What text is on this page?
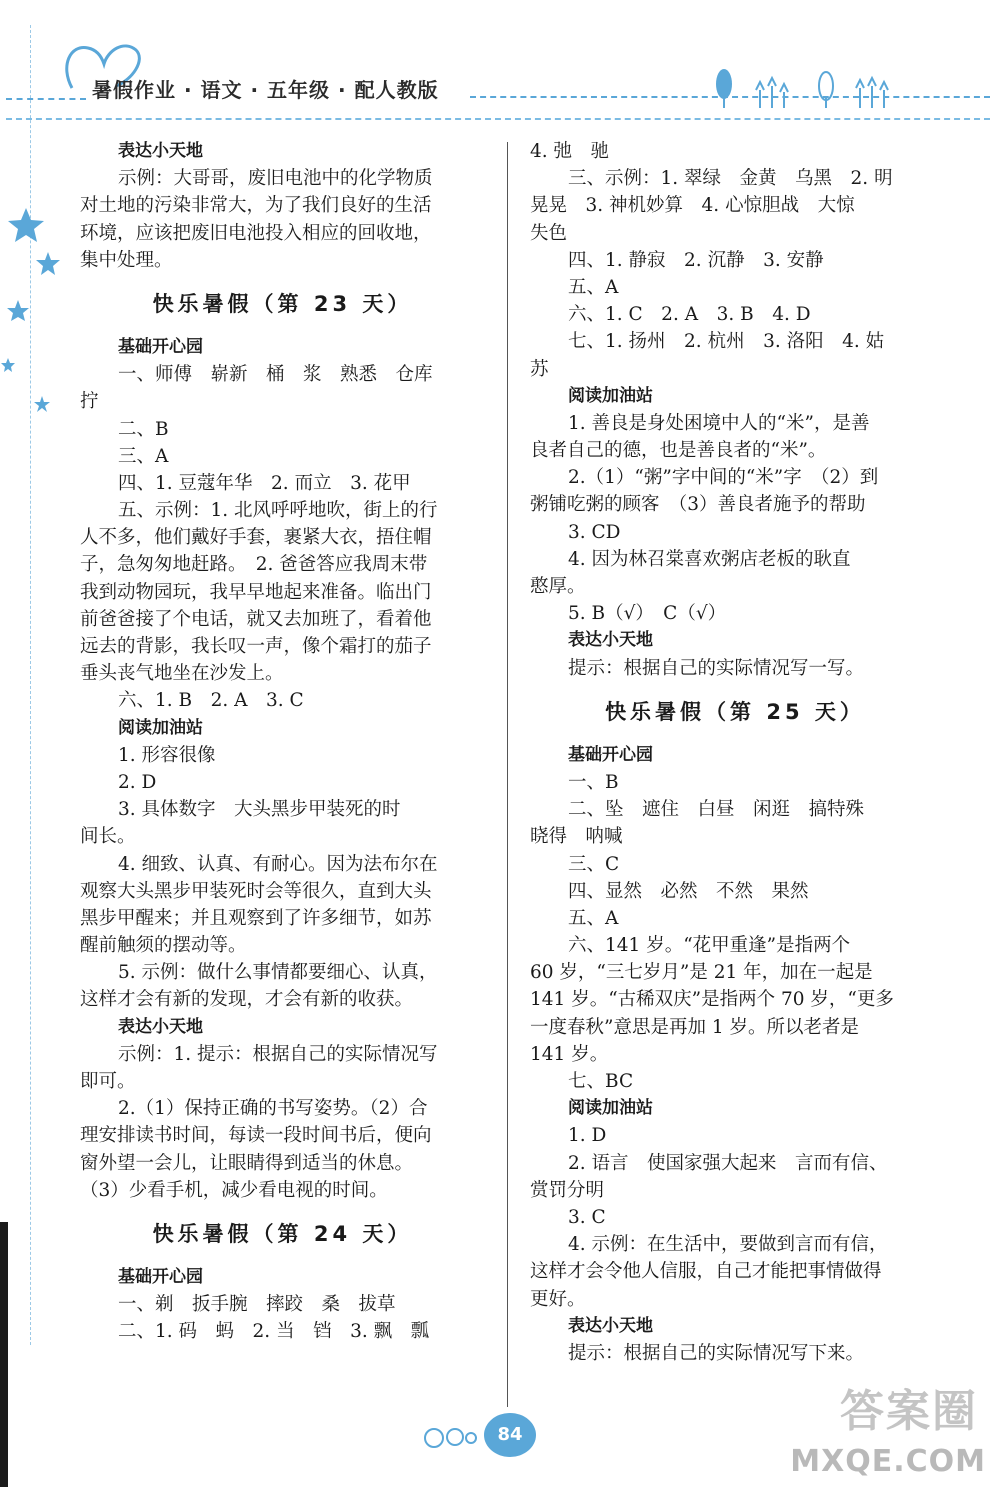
暑假作业 · 语文 · 五年级 · 配人教版
表达小天地
示例：大哥哥，废旧电池中的化学物质
对土地的污染非常大，为了我们良好的生活
环境，应该把废旧电池投入相应的回收地，
集中处理。
快乐暑假（第 23 天）
基础开心园
一、师傅　崭新　桶　浆　熟悉　仓库
拧
二、B
三、A
四、1. 豆蔻年华　2. 而立　3. 花甲
五、示例：1. 北风呼呼地吹，街上的行
人不多，他们戴好手套，裹紧大衣，捂住帽
子，急匆匆地赶路。　2. 爸爸答应我周末带
我到动物园玩，我早早地起来准备。临出门
前爸爸接了个电话，就又去加班了，看着他
远去的背影，我长叹一声，像个霜打的茄子
垂头丧气地坐在沙发上。
六、1. B　2. A　3. C
阅读加油站
1. 形容很像
2. D
3. 具体数字　大头黑步甲装死的时
间长。
4. 细致、认真、有耐心。因为法布尔在
观察大头黑步甲装死时会等很久，直到大头
黑步甲醒来；并且观察到了许多细节，如苏
醒前触须的摆动等。
5. 示例：做什么事情都要细心、认真，
这样才会有新的发现，才会有新的收获。
表达小天地
示例：1. 提示：根据自己的实际情况写
即可。
2.（1）保持正确的书写姿势。（2）合
理安排读书时间，每读一段时间书后，便向
窗外望一会儿，让眼睛得到适当的休息。
（3）少看手机，减少看电视的时间。
快乐暑假（第 24 天）
基础开心园
一、剃　扳手腕　摔跤　桑　拔草
二、1. 码　蚂　2. 当　铛　3. 飘　瓢
4. 弛　驰
三、示例：1. 翠绿　金黄　乌黑　2. 明
晃晃　3. 神机妙算　4. 心惊胆战　大惊
失色
四、1. 静寂　2. 沉静　3. 安静
五、A
六、1. C　2. A　3. B　4. D
七、1. 扬州　2. 杭州　3. 洛阳　4. 姑
苏
阅读加油站
1. 善良是身处困境中人的“米”，是善
良者自己的德，也是善良者的“米”。
2.（1）“粥”字中间的“米”字　（2）到
粥铺吃粥的顾客　（3）善良者施予的帮助
3. CD
4. 因为林召棠喜欢粥店老板的耿直
憨厚。
5. B（√）　C（√）
表达小天地
提示：根据自己的实际情况写一写。
快乐暑假（第 25 天）
基础开心园
一、B
二、坠　遮住　白昼　闲逛　搞特殊
晓得　呐喊
三、C
四、显然　必然　不然　果然
五、A
六、141 岁。“花甲重逢”是指两个
60 岁，“三七岁月”是 21 年，加在一起是
141 岁。“古稀双庆”是指两个 70 岁，“更多
一度春秋”意思是再加 1 岁。所以老者是
141 岁。
七、BC
阅读加油站
1. D
2. 语言　使国家强大起来　言而有信、
赏罚分明
3. C
4. 示例：在生活中，要做到言而有信，
这样才会令他人信服，自己才能把事情做得
更好。
表达小天地
提示：根据自己的实际情况写下来。
84	答案圈
MXQE.COM
